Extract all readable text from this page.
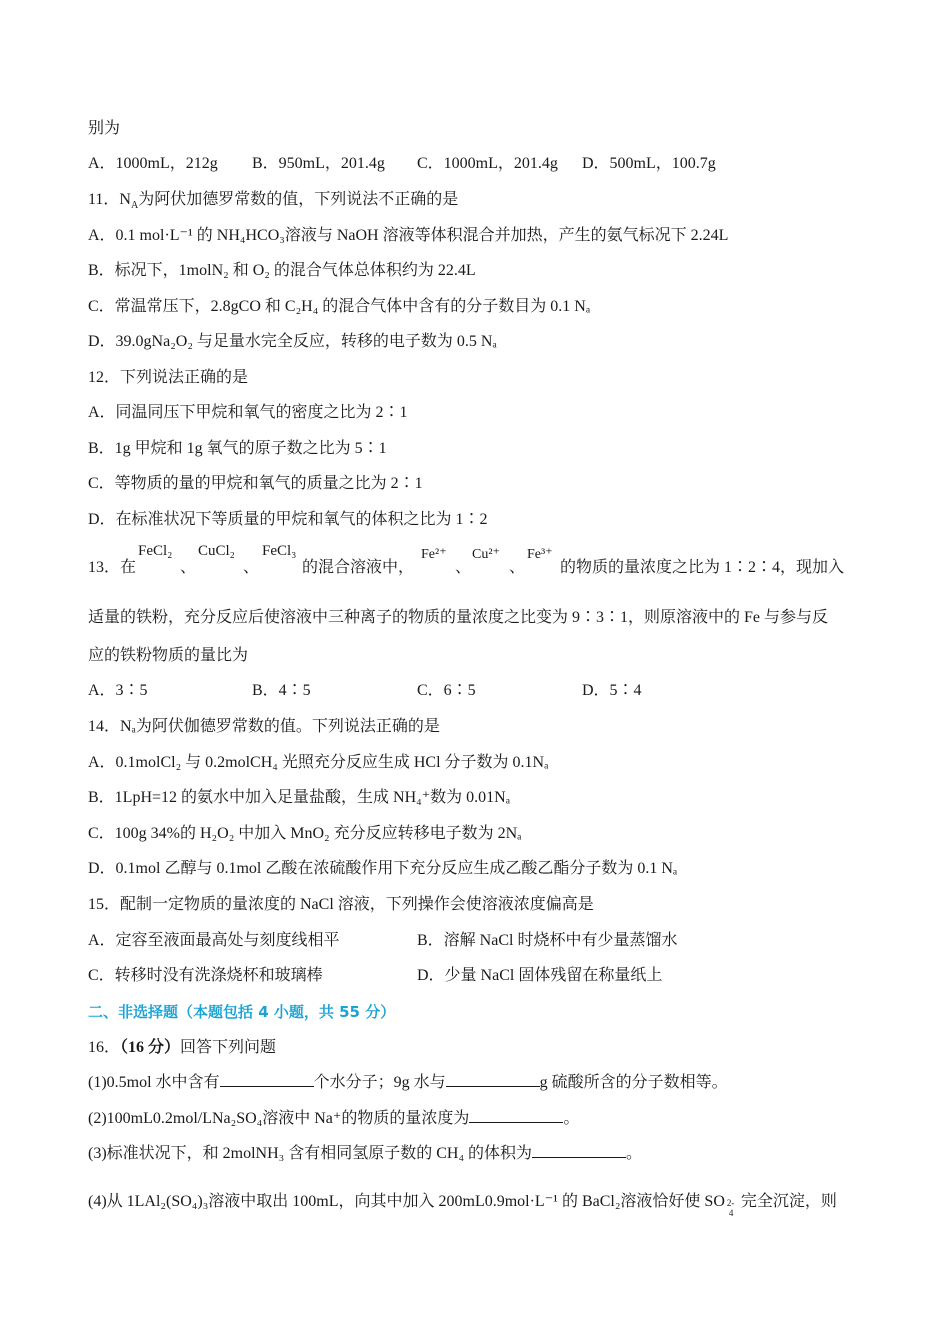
别为
A．1000mL，212g B．950mL，201.4g C．1000mL，201.4g D．500mL，100.7g
11．$N_A$为阿伏加德罗常数的值，下列说法不正确的是
A．0.1 mol·L⁻¹ 的 NH₄HCO₃溶液与 NaOH 溶液等体积混合并加热，产生的氨气标况下 2.24L
B．标况下，1molN₂ 和 O₂ 的混合气体总体积约为 22.4L
C．常温常压下，2.8gCO 和 C₂H₄ 的混合气体中含有的分子数目为 0.1 Nₐ
D．39.0gNa₂O₂ 与足量水完全反应，转移的电子数为 0.5 Nₐ
12．下列说法正确的是
A．同温同压下甲烷和氧气的密度之比为 2∶1
B．1g 甲烷和 1g 氧气的原子数之比为 5∶1
C．等物质的量的甲烷和氧气的质量之比为 2∶1
D．在标准状况下等质量的甲烷和氧气的体积之比为 1∶2
13．在
FeCl₂
、
CuCl₂
、
FeCl₃
的混合溶液中，
Fe²⁺
、
Cu²⁺
、
Fe³⁺
的物质的量浓度之比为 1∶2∶4，现加入
适量的铁粉，充分反应后使溶液中三种离子的物质的量浓度之比变为 9∶3∶1，则原溶液中的 Fe 与参与反
应的铁粉物质的量比为
A．3∶5	B．4∶5	C．6∶5	D．5∶4
14．Nₐ为阿伏伽德罗常数的值。下列说法正确的是
A．0.1molCl₂ 与 0.2molCH₄ 光照充分反应生成 HCl 分子数为 0.1Nₐ
B．1LpH=12 的氨水中加入足量盐酸，生成 NH₄⁺数为 0.01Nₐ
C．100g 34%的 H₂O₂ 中加入 MnO₂ 充分反应转移电子数为 2Nₐ
D．0.1mol 乙醇与 0.1mol 乙酸在浓硫酸作用下充分反应生成乙酸乙酯分子数为 0.1 Nₐ
15．配制一定物质的量浓度的 NaCl 溶液，下列操作会使溶液浓度偏高是
A．定容至液面最高处与刻度线相平	B．溶解 NaCl 时烧杯中有少量蒸馏水
C．转移时没有洗涤烧杯和玻璃棒	D．少量 NaCl 固体残留在称量纸上
二、非选择题（本题包括 4 小题，共 55 分）
16．（16 分）回答下列问题
(1)0.5mol 水中含有	个水分子；9g 水与	g 硫酸所含的分子数相等。
(2)100mL0.2mol/LNa₂SO₄溶液中 Na⁺的物质的量浓度为	。
(3)标准状况下，和 2molNH₃ 含有相同氢原子数的 CH₄ 的体积为	。
(4)从 1LAl₂(SO₄)₃溶液中取出 100mL，向其中加入 200mL0.9mol·L⁻¹ 的 BaCl₂溶液恰好使 SO 2-
4
完全沉淀，则
